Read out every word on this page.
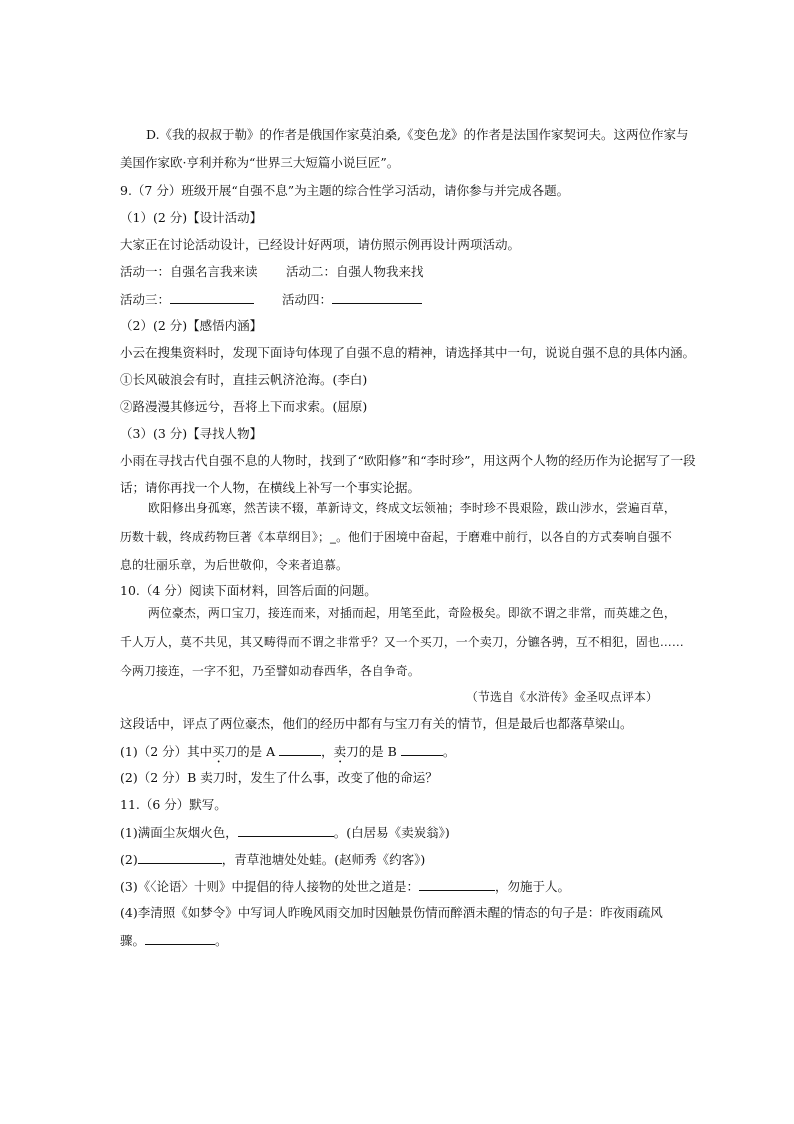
D.《我的叔叔于勒》的作者是俄国作家莫泊桑,《变色龙》的作者是法国作家契诃夫。这两位作家与
美国作家欧·亨利并称为“世界三大短篇小说巨匠”。
9.（7 分）班级开展“自强不息”为主题的综合性学习活动，请你参与并完成各题。
（1）(2 分)【设计活动】
大家正在讨论活动设计，已经设计好两项，请仿照示例再设计两项活动。
活动一：自强名言我来读 活动二：自强人物我来找
活动三：	活动四：
（2）(2 分)【感悟内涵】
小云在搜集资料时，发现下面诗句体现了自强不息的精神，请选择其中一句，说说自强不息的具体内涵。
①长风破浪会有时，直挂云帆济沧海。(李白)
②路漫漫其修远兮，吾将上下而求索。(屈原)
（3）(3 分)【寻找人物】
小雨在寻找古代自强不息的人物时，找到了“欧阳修”和“李时珍”，用这两个人物的经历作为论据写了一段
话；请你再找一个人物，在横线上补写一个事实论据。
欧阳修出身孤寒，然苦读不辍，革新诗文，终成文坛领袖；李时珍不畏艰险，跋山涉水，尝遍百草，
历数十载，终成药物巨著《本草纲目》；_。他们于困境中奋起，于磨难中前行，以各自的方式奏响自强不
息的壮丽乐章，为后世敬仰，令来者追慕。
10.（4 分）阅读下面材料，回答后面的问题。
两位豪杰，两口宝刀，接连而来，对插而起，用笔至此，奇险极矣。即欲不谓之非常，而英雄之色，
千人万人，莫不共见，其又畴得而不谓之非常乎？又一个买刀，一个卖刀，分镳各骋，互不相犯，固也……
今两刀接连，一字不犯，乃至譬如动春西华，各自争奇。
（节选自《水浒传》金圣叹点评本）
这段话中，评点了两位豪杰，他们的经历中都有与宝刀有关的情节，但是最后也都落草梁山。
(1)（2 分）其中买刀的是 A	，卖刀的是 B	。
(2)（2 分）B 卖刀时，发生了什么事，改变了他的命运？
11.（6 分）默写。
(1)满面尘灰烟火色，	。(白居易《卖炭翁》)
(2)	，青草池塘处处蛙。(赵师秀《约客》)
(3)《〈论语〉十则》中提倡的待人接物的处世之道是：	，勿施于人。
(4)李清照《如梦令》中写词人昨晚风雨交加时因触景伤情而醉酒未醒的情态的句子是：昨夜雨疏风
骤。	。
